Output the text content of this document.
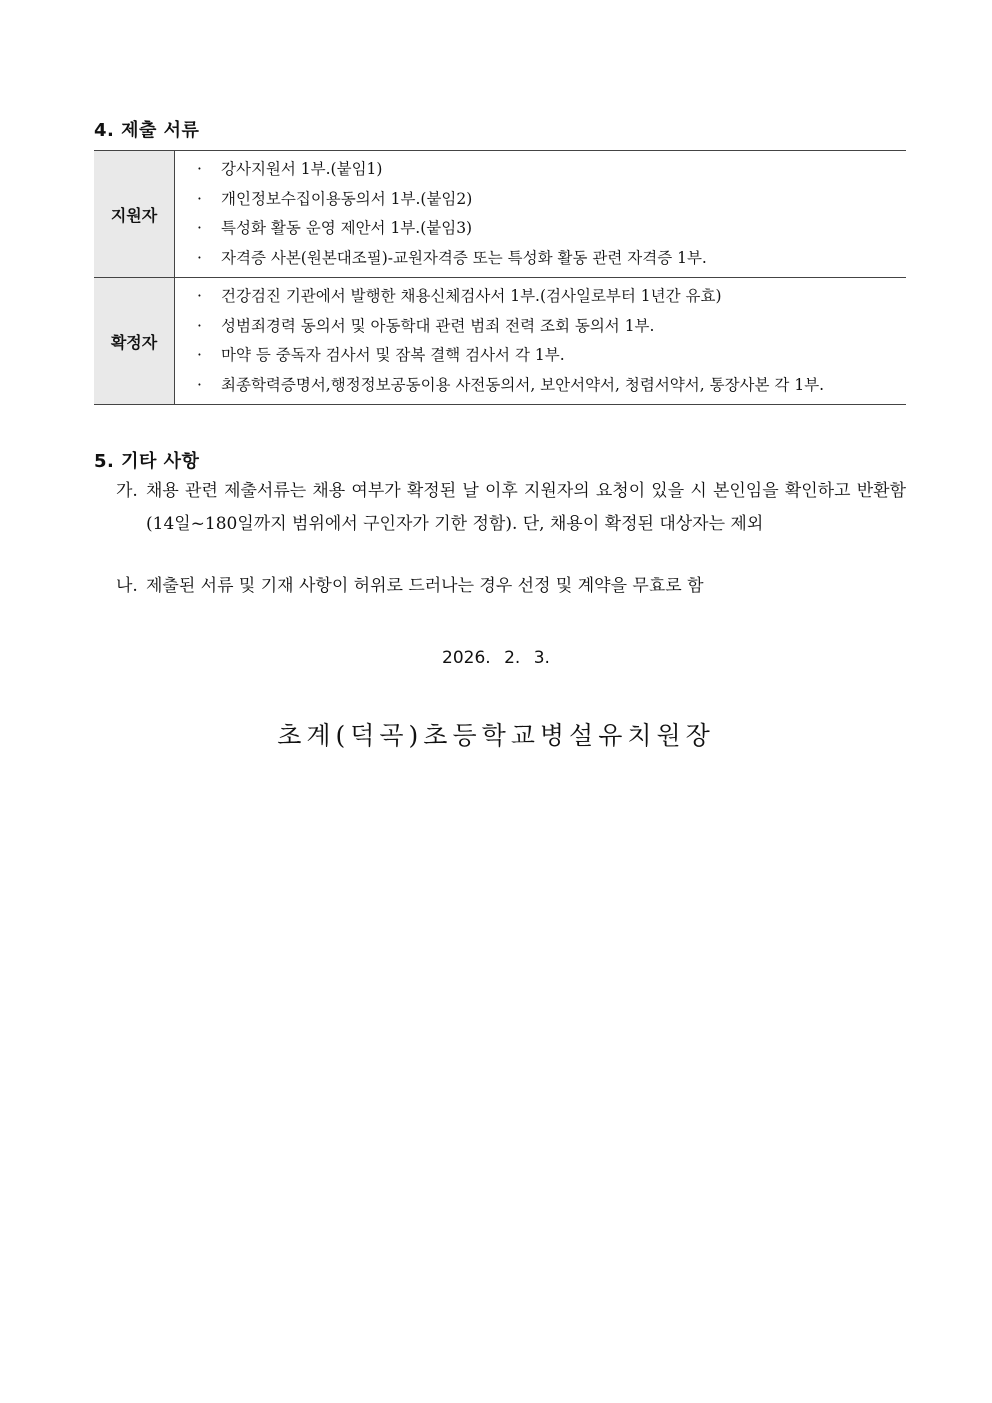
4. 제출 서류
지원자	· 강사지원서 1부.(붙임1)
· 개인정보수집이용동의서 1부.(붙임2)
· 특성화 활동 운영 제안서 1부.(붙임3)
· 자격증 사본(원본대조필)-교원자격증 또는 특성화 활동 관련 자격증 1부.

확정자	· 건강검진 기관에서 발행한 채용신체검사서 1부.(검사일로부터 1년간 유효)
· 성범죄경력 동의서 및 아동학대 관련 범죄 전력 조회 동의서 1부.
· 마약 등 중독자 검사서 및 잠복 결핵 검사서 각 1부.
· 최종학력증명서,행정정보공동이용 사전동의서, 보안서약서, 청렴서약서, 통장사본 각 1부.
5. 기타 사항
가. 채용 관련 제출서류는 채용 여부가 확정된 날 이후 지원자의 요청이 있을 시 본인임을 확인하고 반환함(14일~180일까지 범위에서 구인자가 기한 정함). 단, 채용이 확정된 대상자는 제외
나. 제출된 서류 및 기재 사항이 허위로 드러나는 경우 선정 및 계약을 무효로 함
2026. 2. 3.
초계(덕곡)초등학교병설유치원장
